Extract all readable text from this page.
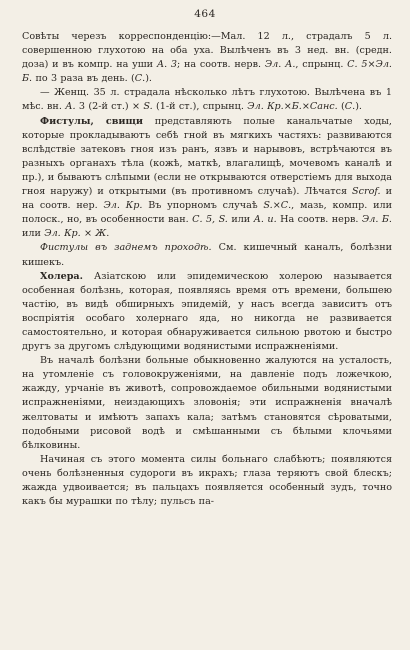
464

Совѣты черезъ корреспонденцію:—Мал. 12 л., страдалъ 5 л. совершенною глухотою на оба уха. Вылѣченъ въ 3 нед. вн. (средн. доза) и въ компр. на уши А. 3; на соотв. нерв. Эл. А., спрынц. С. 5×Эл. Б. по 3 раза въ день. (С.).

— Женщ. 35 л. страдала нѣсколько лѣтъ глухотою. Вылѣчена въ 1 мѣс. вн. А. 3 (2-й ст.) × S. (1-й ст.), спрынц. Эл. Кр.×Б.×Cанс. (С.).

Фистулы, свищи представляють полые канальчатые ходы, которые прокладываютъ себѣ гной въ мягкихъ частяхъ: развиваются вслѣдствіе затековъ гноя изъ ранъ, язвъ и нарывовъ, встрѣчаются въ разныхъ органахъ тѣла (кожѣ, маткѣ, влагалищѣ, мочевомъ каналѣ и пр.), и бываютъ слѣпыми (если не открываются отверстіемъ для выхода гноя наружу) и открытыми (въ противномъ случаѣ). Лѣчатся Scrof. и на соотв. нер. Эл. Кр. Въ упорномъ случаѣ S.×С., мазь, компр. или полоск., но, въ особенности ван. С. 5, S. или А. и. На соотв. нерв. Эл. Б. или Эл. Кр. × Ж.

Фистулы въ заднемъ проходѣ. См. кишечный каналъ, болѣзни кишекъ.

Холера. Азіатскою или эпидемическою холерою называется особенная болѣзнь, которая, появляясь время отъ времени, большею частію, въ видѣ обширныхъ эпидемій, у насъ всегда зависитъ отъ воспріятія особаго холернаго яда, но никогда не развивается самостоятельно, и которая обнаруживается сильною рвотою и быстро другъ за другомъ слѣдующими водянистыми испражненіями.

Въ началѣ болѣзни больные обыкновенно жалуются на усталость, на утомленіе съ головокруженіями, на давленіе подъ ложечкою, жажду, урчаніе въ животѣ, сопровождаемое обильными водянистыми испражненіями, неиздающихъ зловонія; эти испражненія вначалѣ желтоваты и имѣютъ запахъ кала; затѣмъ становятся сѣроватыми, подобными рисовой водѣ и смѣшанными съ бѣлыми клочьями бѣлковины.

Начиная съ этого момента силы больнаго слабѣютъ; появляются очень болѣзненныя судороги въ икрахъ; глаза теряютъ свой блескъ; жажда удвоивается; въ пальцахъ появляется особенный зудъ, точно какъ бы мурашки по тѣлу; пульсъ па-
